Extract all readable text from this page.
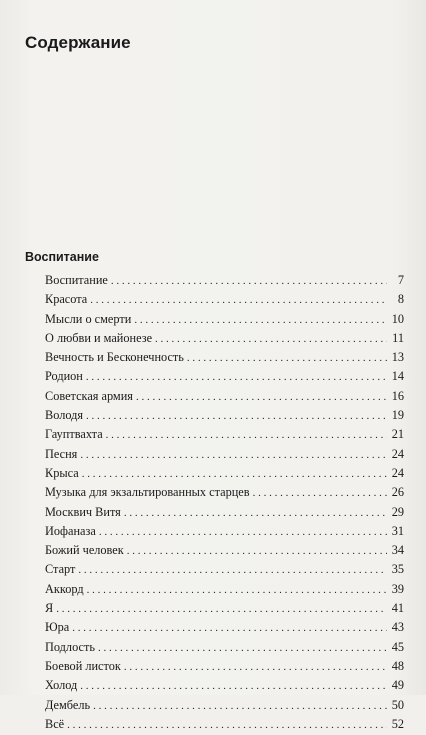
Содержание
Воспитание
Воспитание . . .	7
Красота . . .	8
Мысли о смерти . . .	10
О любви и майонезе . . .	11
Вечность и Бесконечность . . .	13
Родион . . .	14
Советская армия . . .	16
Володя . . .	19
Гауптвахта . . .	21
Песня . . .	24
Крыса . . .	24
Музыка для экзальтированных старцев . . .	26
Москвич Витя . . .	29
Иофаназа . . .	31
Божий человек . . .	34
Старт . . .	35
Аккорд . . .	39
Я . . .	41
Юра . . .	43
Подлость . . .	45
Боевой листок . . .	48
Холод . . .	49
Дембель . . .	50
Всё . . .	52
